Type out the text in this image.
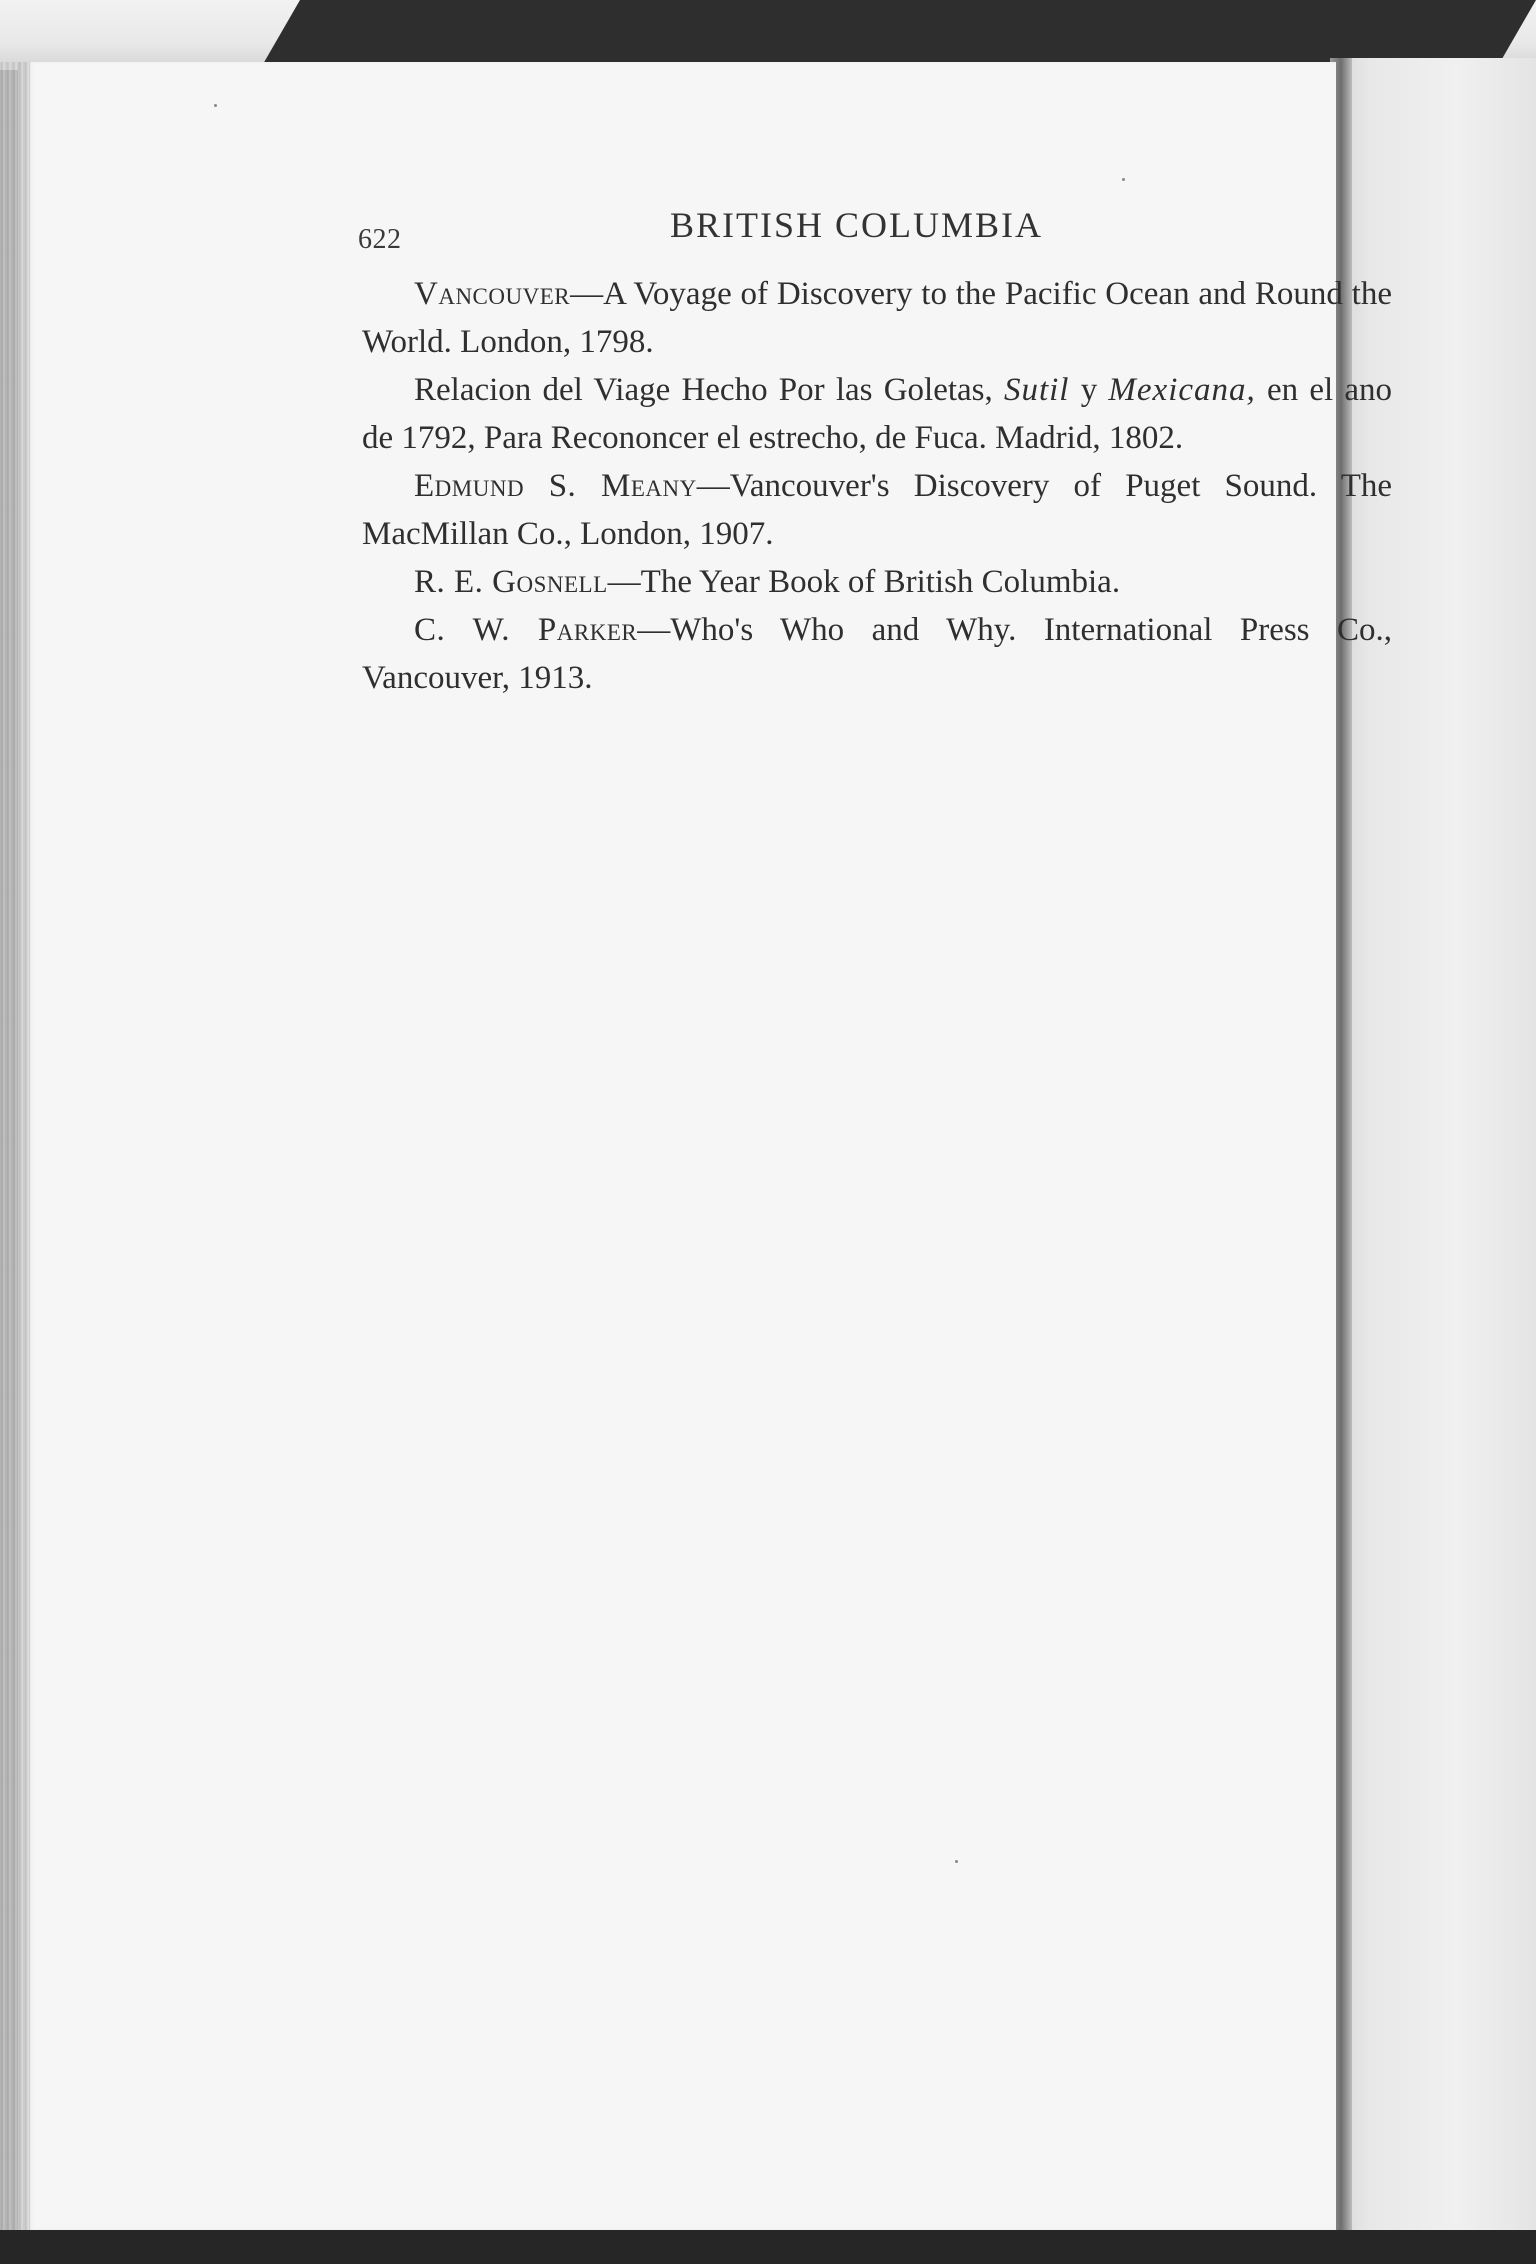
622	BRITISH COLUMBIA

Vancouver—A Voyage of Discovery to the Pacific Ocean and Round the World. London, 1798.

Relacion del Viage Hecho Por las Goletas, Sutil y Mexicana, en el ano de 1792, Para Recononcer el estrecho, de Fuca. Madrid, 1802.

Edmund S. Meany—Vancouver's Discovery of Puget Sound. The MacMillan Co., London, 1907.

R. E. Gosnell—The Year Book of British Columbia.

C. W. Parker—Who's Who and Why. International Press Co., Vancouver, 1913.
